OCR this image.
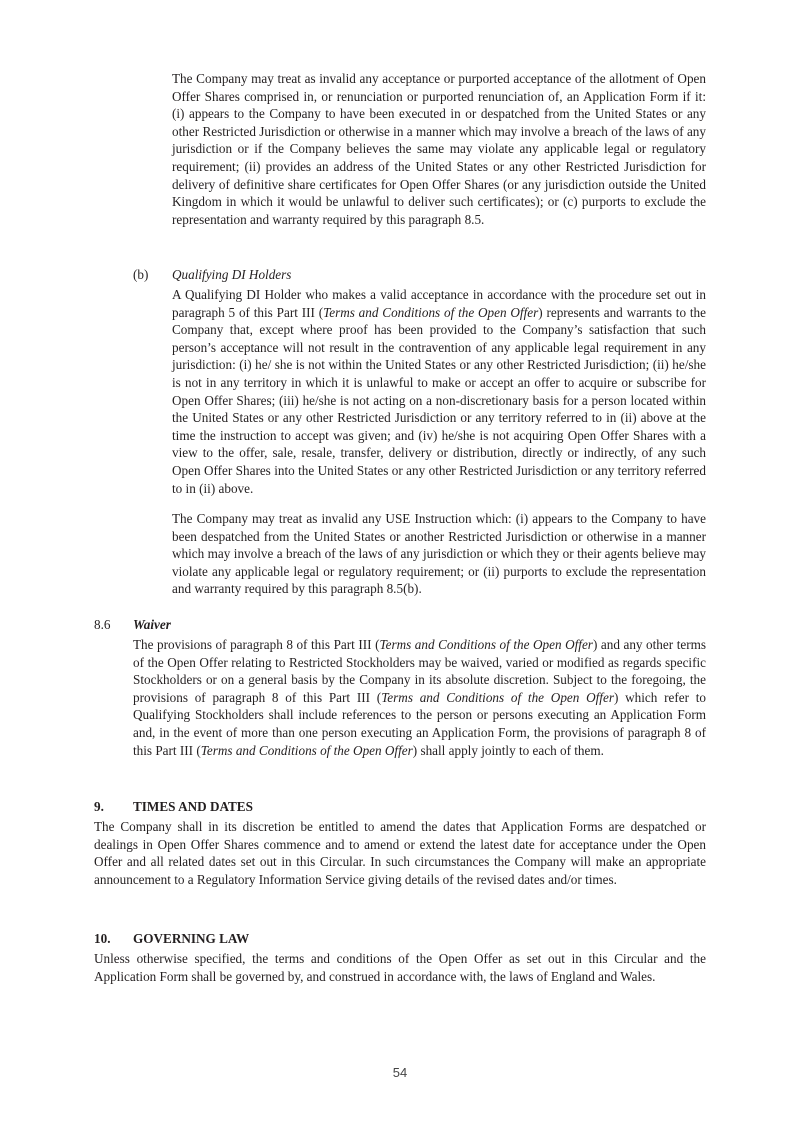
The Company may treat as invalid any acceptance or purported acceptance of the allotment of Open Offer Shares comprised in, or renunciation or purported renunciation of, an Application Form if it: (i) appears to the Company to have been executed in or despatched from the United States or any other Restricted Jurisdiction or otherwise in a manner which may involve a breach of the laws of any jurisdiction or if the Company believes the same may violate any applicable legal or regulatory requirement; (ii) provides an address of the United States or any other Restricted Jurisdiction for delivery of definitive share certificates for Open Offer Shares (or any jurisdiction outside the United Kingdom in which it would be unlawful to deliver such certificates); or (c) purports to exclude the representation and warranty required by this paragraph 8.5.

(b) Qualifying DI Holders

A Qualifying DI Holder who makes a valid acceptance in accordance with the procedure set out in paragraph 5 of this Part III (Terms and Conditions of the Open Offer) represents and warrants to the Company that, except where proof has been provided to the Company’s satisfaction that such person’s acceptance will not result in the contravention of any applicable legal requirement in any jurisdiction: (i) he/ she is not within the United States or any other Restricted Jurisdiction; (ii) he/she is not in any territory in which it is unlawful to make or accept an offer to acquire or subscribe for Open Offer Shares; (iii) he/she is not acting on a non-discretionary basis for a person located within the United States or any other Restricted Jurisdiction or any territory referred to in (ii) above at the time the instruction to accept was given; and (iv) he/she is not acquiring Open Offer Shares with a view to the offer, sale, resale, transfer, delivery or distribution, directly or indirectly, of any such Open Offer Shares into the United States or any other Restricted Jurisdiction or any territory referred to in (ii) above.

The Company may treat as invalid any USE Instruction which: (i) appears to the Company to have been despatched from the United States or another Restricted Jurisdiction or otherwise in a manner which may involve a breach of the laws of any jurisdiction or which they or their agents believe may violate any applicable legal or regulatory requirement; or (ii) purports to exclude the representation and warranty required by this paragraph 8.5(b).

8.6 Waiver

The provisions of paragraph 8 of this Part III (Terms and Conditions of the Open Offer) and any other terms of the Open Offer relating to Restricted Stockholders may be waived, varied or modified as regards specific Stockholders or on a general basis by the Company in its absolute discretion. Subject to the foregoing, the provisions of paragraph 8 of this Part III (Terms and Conditions of the Open Offer) which refer to Qualifying Stockholders shall include references to the person or persons executing an Application Form and, in the event of more than one person executing an Application Form, the provisions of paragraph 8 of this Part III (Terms and Conditions of the Open Offer) shall apply jointly to each of them.

9. TIMES AND DATES

The Company shall in its discretion be entitled to amend the dates that Application Forms are despatched or dealings in Open Offer Shares commence and to amend or extend the latest date for acceptance under the Open Offer and all related dates set out in this Circular. In such circumstances the Company will make an appropriate announcement to a Regulatory Information Service giving details of the revised dates and/or times.

10. GOVERNING LAW

Unless otherwise specified, the terms and conditions of the Open Offer as set out in this Circular and the Application Form shall be governed by, and construed in accordance with, the laws of England and Wales.

54
